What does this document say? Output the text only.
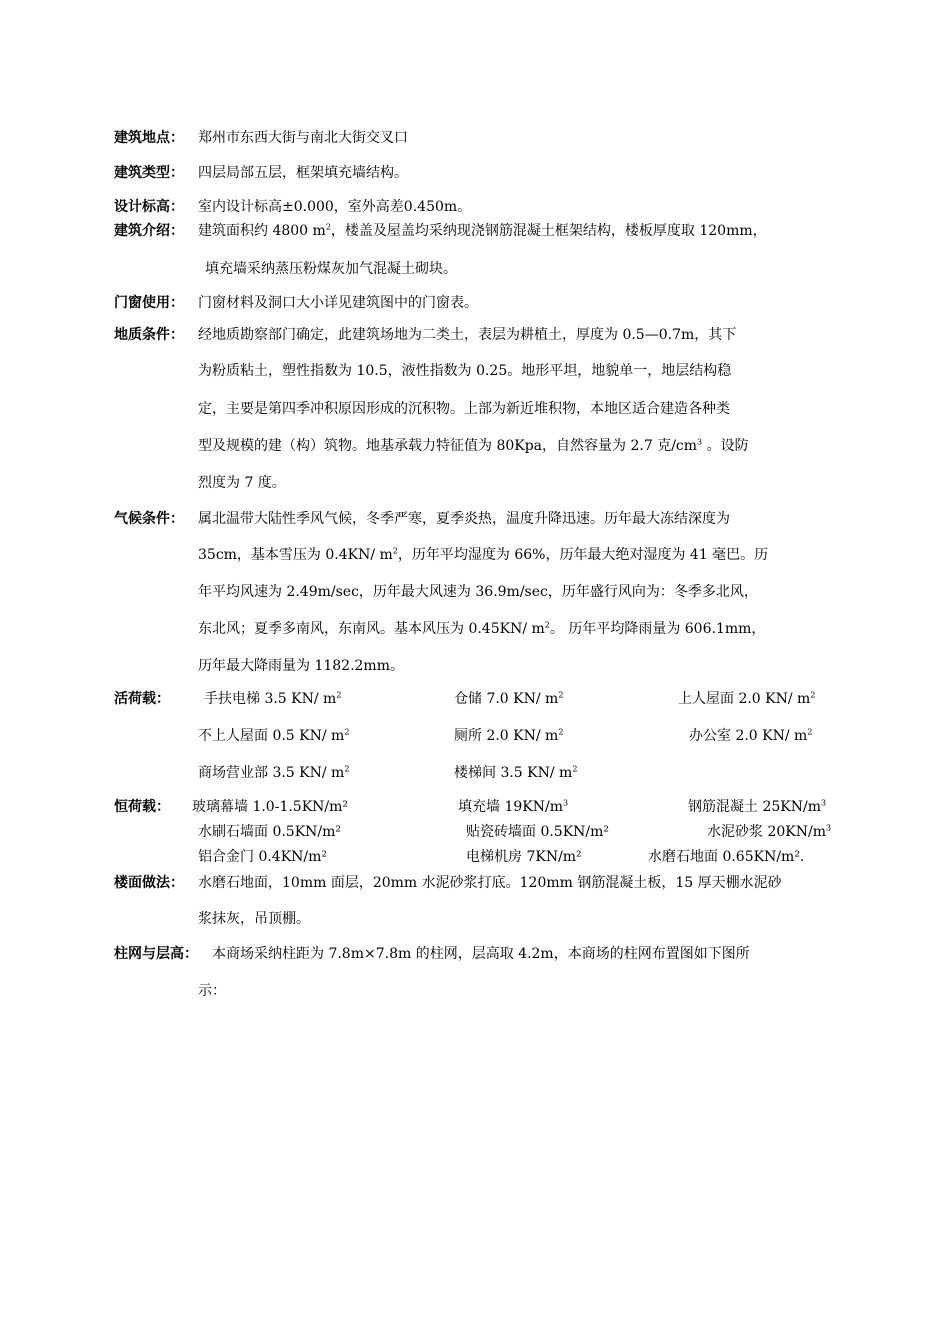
建筑地点： 郑州市东西大街与南北大街交叉口
建筑类型： 四层局部五层，框架填充墙结构。
设计标高： 室内设计标高±0.000，室外高差0.450m。
建筑介绍： 建筑面积约 4800 $m^2$，楼盖及屋盖均采纳现浇钢筋混凝土框架结构，楼板厚度取 120mm，
填充墙采纳蒸压粉煤灰加气混凝土砌块。
门窗使用： 门窗材料及洞口大小详见建筑图中的门窗表。
地质条件： 经地质勘察部门确定，此建筑场地为二类土，表层为耕植土，厚度为 0.5—0.7m，其下
为粉质粘土，塑性指数为 10.5，液性指数为 0.25。地形平坦，地貌单一，地层结构稳
定，主要是第四季冲积原因形成的沉积物。上部为新近堆积物，本地区适合建造各种类
型及规模的建（构）筑物。地基承载力特征值为 80Kpa，自然容量为 2.7 克$/cm^3$ 。设防
烈度为 7 度。
气候条件： 属北温带大陆性季风气候，冬季严寒，夏季炎热，温度升降迅速。历年最大冻结深度为
35cm，基本雪压为 0.4KN/ $m^2$，历年平均湿度为 66%，历年最大绝对湿度为 41 毫巴。历
年平均风速为 2.49m/sec，历年最大风速为 36.9m/sec，历年盛行风向为：冬季多北风，
东北风；夏季多南风，东南风。基本风压为 0.45KN/ $m^2$。 历年平均降雨量为 606.1mm，
历年最大降雨量为 1182.2mm。
活荷载： 手扶电梯 3.5 KN/ $m^2$	仓储 7.0 KN/ $m^2$	上人屋面 2.0 KN/ $m^2$
不上人屋面 0.5 KN/ $m^2$	厕所 2.0 KN/ $m^2$	办公室 2.0 KN/ $m^2$
商场营业部 3.5 KN/ $m^2$	楼梯间 3.5 KN/ $m^2$
恒荷载： 玻璃幕墙 1.0-1.5KN/m²	填充墙 $19KN/m^3$	钢筋混凝土 $25KN/m^3$
水刷石墙面 0.5KN/m²	贴瓷砖墙面 0.5KN/m²	水泥砂浆 $20KN/m^3$
铝合金门 0.4KN/m²	电梯机房 7KN/m²	水磨石地面 0.65KN/m².
楼面做法： 水磨石地面，10mm 面层，20mm 水泥砂浆打底。120mm 钢筋混凝土板，15 厚天棚水泥砂
浆抹灰，吊顶棚。
柱网与层高： 本商场采纳柱距为 7.8m×7.8m 的柱网，层高取 4.2m，本商场的柱网布置图如下图所
示：
